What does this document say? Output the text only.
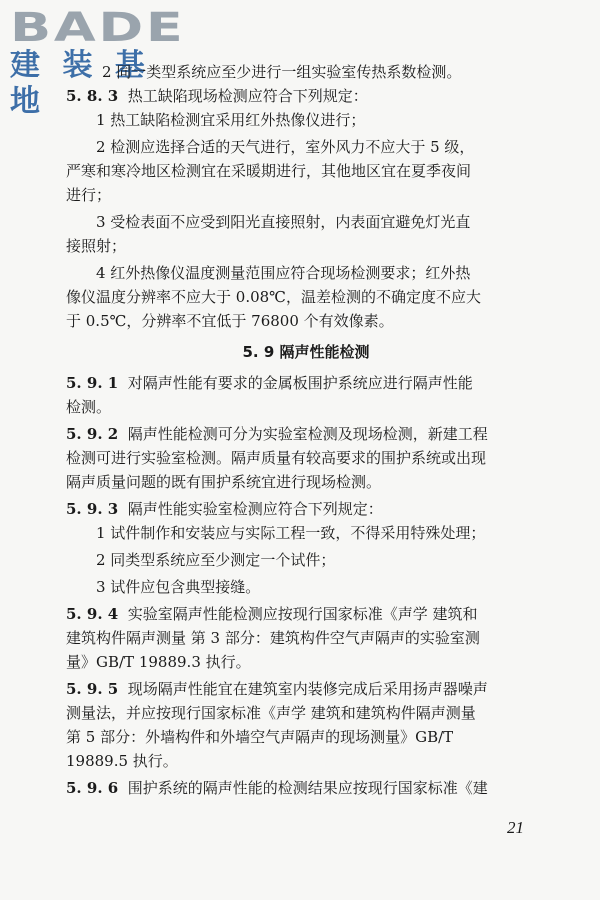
BADE
建 装 基 地
2 同一类型系统应至少进行一组实验室传热系数检测。
5. 8. 3 热工缺陷现场检测应符合下列规定：
1 热工缺陷检测宜采用红外热像仪进行；
2 检测应选择合适的天气进行，室外风力不应大于 5 级，
严寒和寒冷地区检测宜在采暖期进行，其他地区宜在夏季夜间
进行；
3 受检表面不应受到阳光直接照射，内表面宜避免灯光直
接照射；
4 红外热像仪温度测量范围应符合现场检测要求；红外热
像仪温度分辨率不应大于 0.08℃，温差检测的不确定度不应大
于 0.5℃，分辨率不宜低于 76800 个有效像素。
5. 9 隔声性能检测
5. 9. 1 对隔声性能有要求的金属板围护系统应进行隔声性能
检测。
5. 9. 2 隔声性能检测可分为实验室检测及现场检测，新建工程
检测可进行实验室检测。隔声质量有较高要求的围护系统或出现
隔声质量问题的既有围护系统宜进行现场检测。
5. 9. 3 隔声性能实验室检测应符合下列规定：
1 试件制作和安装应与实际工程一致，不得采用特殊处理；
2 同类型系统应至少测定一个试件；
3 试件应包含典型接缝。
5. 9. 4 实验室隔声性能检测应按现行国家标准《声学 建筑和
建筑构件隔声测量 第 3 部分：建筑构件空气声隔声的实验室测
量》GB/T 19889.3 执行。
5. 9. 5 现场隔声性能宜在建筑室内装修完成后采用扬声器噪声
测量法，并应按现行国家标准《声学 建筑和建筑构件隔声测量
第 5 部分：外墙构件和外墙空气声隔声的现场测量》GB/T
19889.5 执行。
5. 9. 6 围护系统的隔声性能的检测结果应按现行国家标准《建
21
